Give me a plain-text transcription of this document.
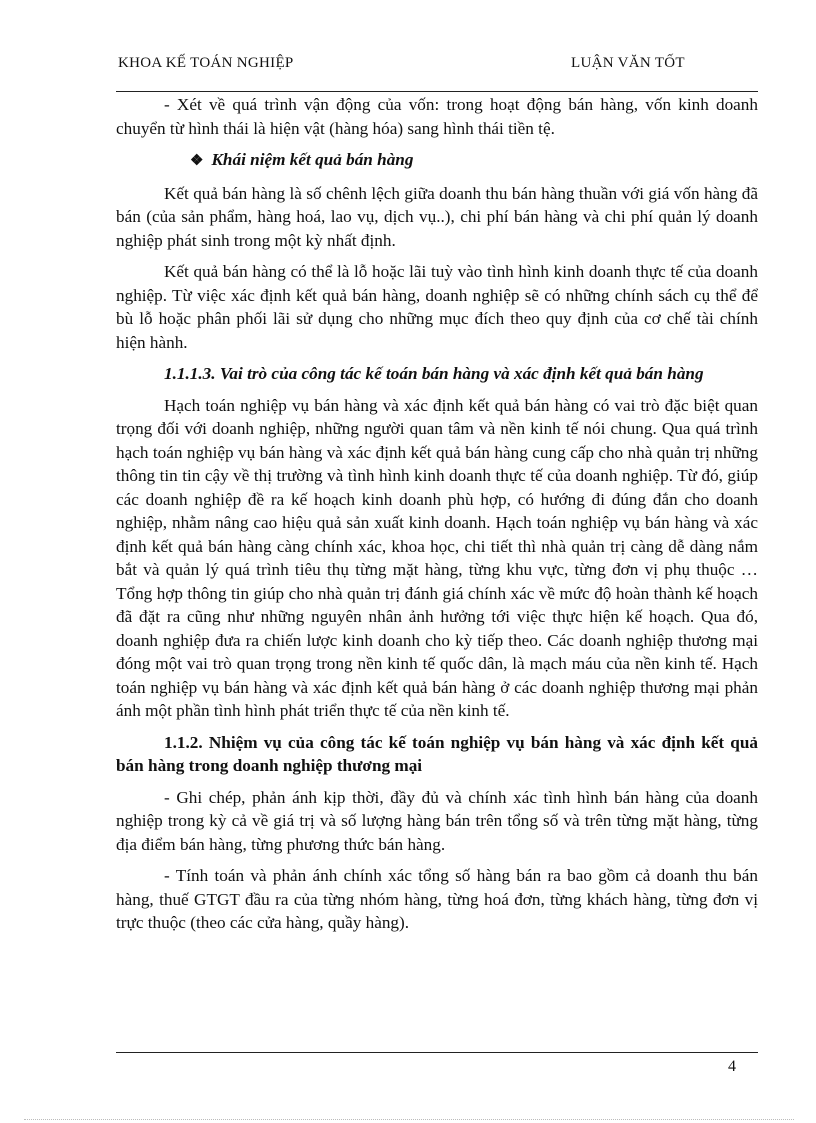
KHOA KẾ TOÁN NGHIỆP	LUẬN VĂN TỐT

- Xét về quá trình vận động của vốn: trong hoạt động bán hàng, vốn kinh doanh chuyển từ hình thái là hiện vật (hàng hóa) sang hình thái tiền tệ.

❖ Khái niệm kết quả bán hàng

Kết quả bán hàng là số chênh lệch giữa doanh thu bán hàng thuần với giá vốn hàng đã bán (của sản phẩm, hàng hoá, lao vụ, dịch vụ..), chi phí bán hàng và chi phí quản lý doanh nghiệp phát sinh trong một kỳ nhất định.

Kết quả bán hàng có thể là lỗ hoặc lãi tuỳ vào tình hình kinh doanh thực tế của doanh nghiệp. Từ việc xác định kết quả bán hàng, doanh nghiệp sẽ có những chính sách cụ thể để bù lỗ hoặc phân phối lãi sử dụng cho những mục đích theo quy định của cơ chế tài chính hiện hành.

1.1.1.3. Vai trò của công tác kế toán bán hàng và xác định kết quả bán hàng

Hạch toán nghiệp vụ bán hàng và xác định kết quả bán hàng có vai trò đặc biệt quan trọng đối với doanh nghiệp, những người quan tâm và nền kinh tế nói chung. Qua quá trình hạch toán nghiệp vụ bán hàng và xác định kết quả bán hàng cung cấp cho nhà quản trị những thông tin tin cậy về thị trường và tình hình kinh doanh thực tế của doanh nghiệp. Từ đó, giúp các doanh nghiệp đề ra kế hoạch kinh doanh phù hợp, có hướng đi đúng đắn cho doanh nghiệp, nhằm nâng cao hiệu quả sản xuất kinh doanh. Hạch toán nghiệp vụ bán hàng và xác định kết quả bán hàng càng chính xác, khoa học, chi tiết thì nhà quản trị càng dễ dàng nắm bắt và quản lý quá trình tiêu thụ từng mặt hàng, từng khu vực, từng đơn vị phụ thuộc … Tổng hợp thông tin giúp cho nhà quản trị đánh giá chính xác về mức độ hoàn thành kế hoạch đã đặt ra cũng như những nguyên nhân ảnh hưởng tới việc thực hiện kế hoạch. Qua đó, doanh nghiệp đưa ra chiến lược kinh doanh cho kỳ tiếp theo. Các doanh nghiệp thương mại đóng một vai trò quan trọng trong nền kinh tế quốc dân, là mạch máu của nền kinh tế. Hạch toán nghiệp vụ bán hàng và xác định kết quả bán hàng ở các doanh nghiệp thương mại phản ánh một phần tình hình phát triển thực tế của nền kinh tế.

1.1.2. Nhiệm vụ của công tác kế toán nghiệp vụ bán hàng và xác định kết quả bán hàng trong doanh nghiệp thương mại

- Ghi chép, phản ánh kịp thời, đầy đủ và chính xác tình hình bán hàng của doanh nghiệp trong kỳ cả về giá trị và số lượng hàng bán trên tổng số và trên từng mặt hàng, từng địa điểm bán hàng, từng phương thức bán hàng.

- Tính toán và phản ánh chính xác tổng số hàng bán ra bao gồm cả doanh thu bán hàng, thuế GTGT đầu ra của từng nhóm hàng, từng hoá đơn, từng khách hàng, từng đơn vị trực thuộc (theo các cửa hàng, quầy hàng).

4
